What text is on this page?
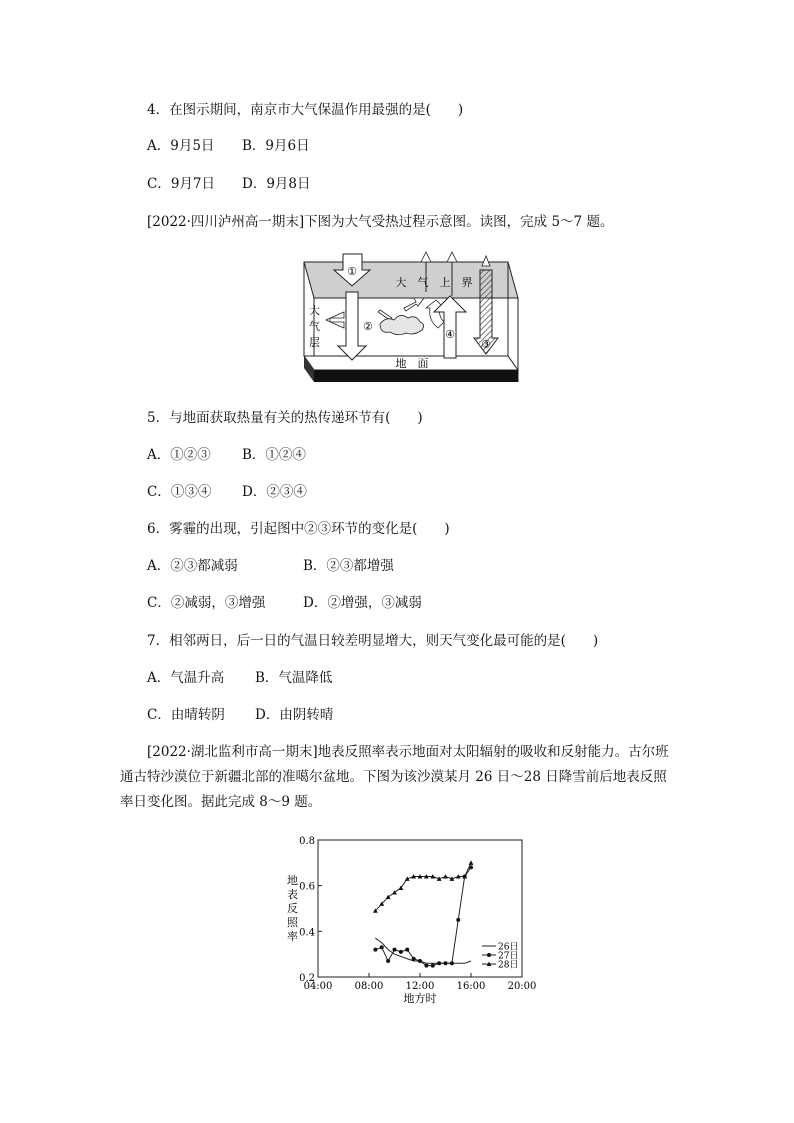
4．在图示期间，南京市大气保温作用最强的是(　　)
A．9月5日 B．9月6日
C．9月7日 D．9月8日
[2022·四川泸州高一期末]下图为大气受热过程示意图。读图，完成 5～7 题。
①
大　气　上　界
大
气
层
②
④
③
地　面
5．与地面获取热量有关的热传递环节有(　　)
A．①②③ B．①②④
C．①③④ D．②③④
6．雾霾的出现，引起图中②③环节的变化是(　　)
A．②③都减弱	B．②③都增强
C．②减弱，③增强	D．②增强，③减弱
7．相邻两日，后一日的气温日较差明显增大，则天气变化最可能的是(　　)
A．气温升高 B．气温降低
C．由晴转阴 D．由阴转晴
[2022·湖北监利市高一期末]地表反照率表示地面对太阳辐射的吸收和反射能力。古尔班
通古特沙漠位于新疆北部的准噶尔盆地。下图为该沙漠某月 26 日～28 日降雪前后地表反照
率日变化图。据此完成 8～9 题。
地
表
反
照
率
地方时
04:00 08:00 12:00 16:00 20:00
0.2
0.4
0.6
0.8
26日
27日
28日
